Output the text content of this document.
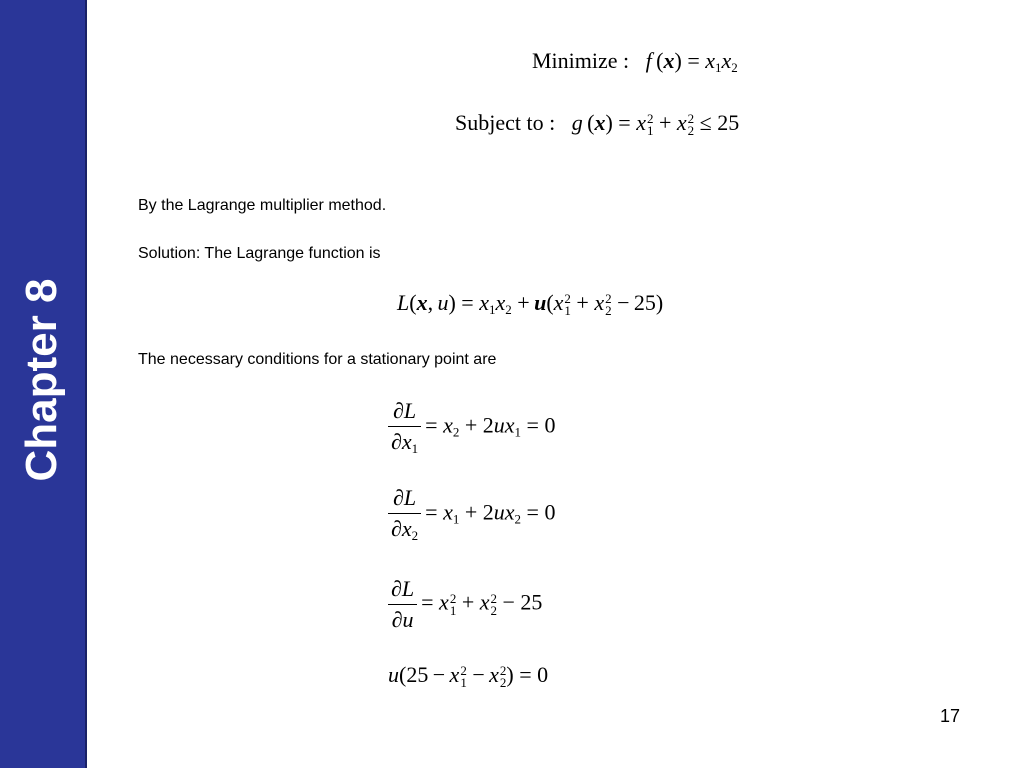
Chapter 8
Minimize : f $(x) = x_1x_2$
Subject to : g (x) = x 2
1 + x 2
2 ≤ 25
By the Lagrange multiplier method.
Solution: The Lagrange function is
L(x, $u) = x_1x_2 + u(x$ 2
1 + x 2
2 − 25)
The necessary conditions for a stationary point are
$\frac{\partial L}{\partial x_1} = x_2 + 2ux_1 = 0$
$\frac{\partial L}{\partial x_2} = x_1 + 2ux_2 = 0$
$\frac{\partial L}{\partial u} = x$ 2
1 + x 2
2 − 25
u(25 − x 2
1 − x 2
2 ) = 0
17
